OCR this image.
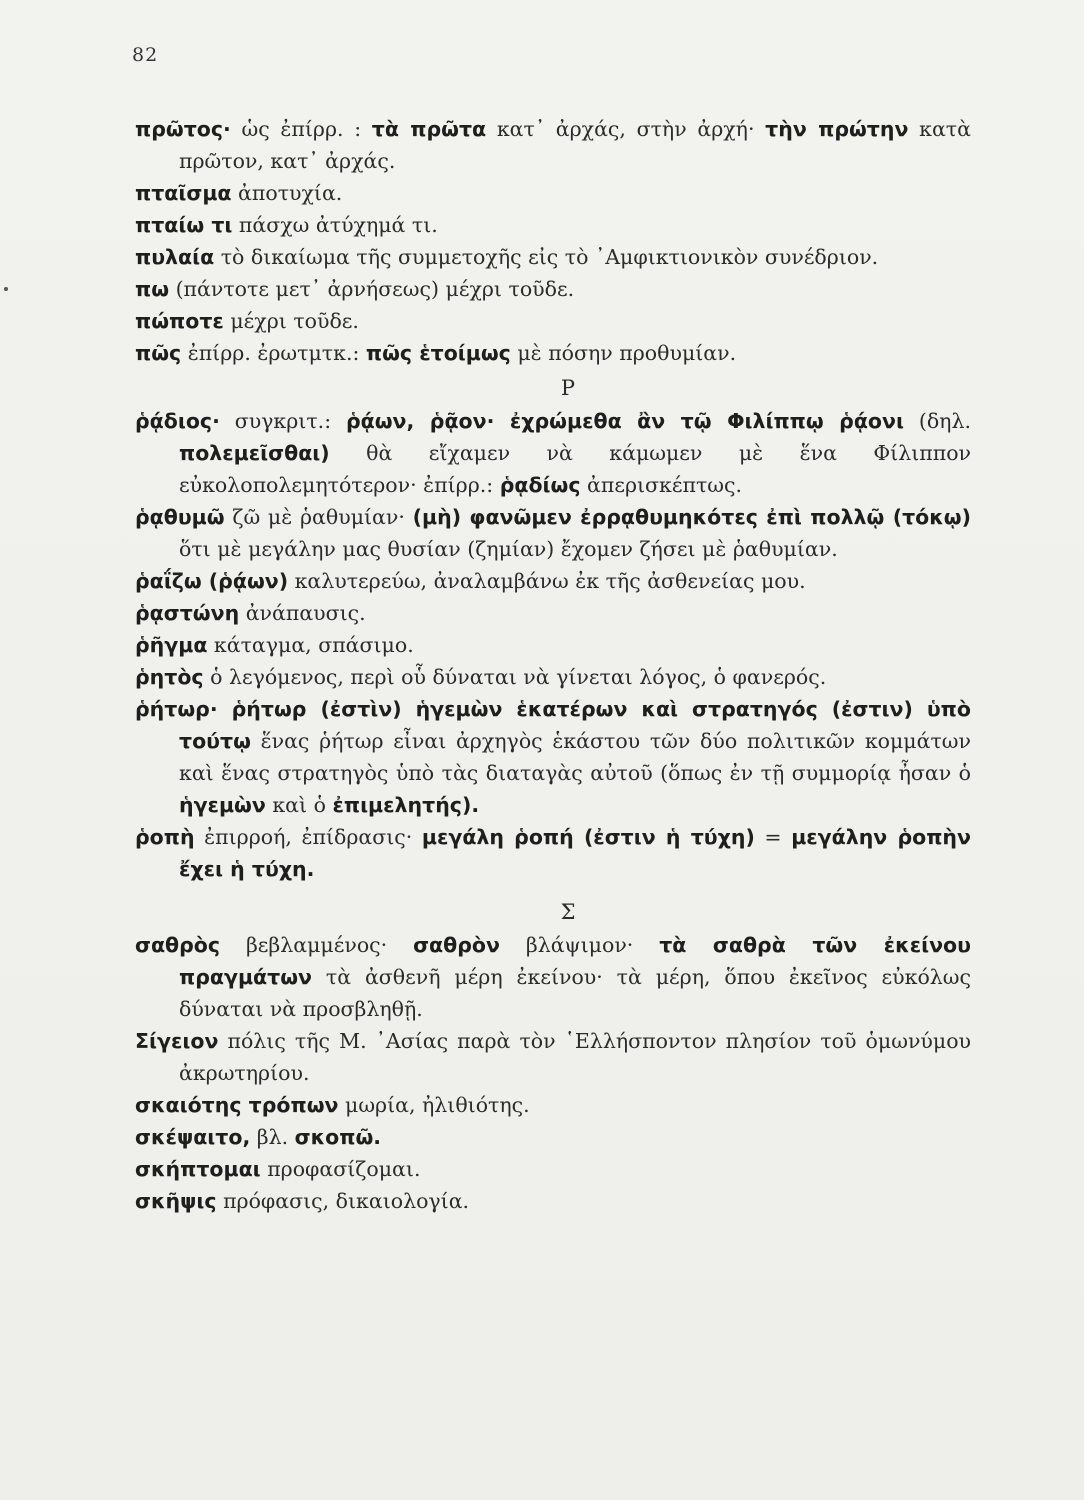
82

πρῶτος· ὡς ἐπίρρ. : τὰ πρῶτα κατ᾽ ἀρχάς, στὴν ἀρχή· τὴν πρώτην κατὰ πρῶτον, κατ᾽ ἀρχάς.

πταῖσμα ἀποτυχία.

πταίω τι πάσχω ἀτύχημά τι.

πυλαία τὸ δικαίωμα τῆς συμμετοχῆς εἰς τὸ ᾿Αμφικτιονικὸν συνέδριον.

πω (πάντοτε μετ᾽ ἀρνήσεως) μέχρι τοῦδε.

πώποτε μέχρι τοῦδε.

πῶς ἐπίρρ. ἐρωτμτκ.: πῶς ἑτοίμως μὲ πόσην προθυμίαν.

Ρ

ῥᾴδιος· συγκριτ.: ῥᾴων, ῥᾷον· ἐχρώμεθα ἂν τῷ Φιλίππῳ ῥᾴονι (δηλ. πολεμεῖσθαι) θὰ εἴχαμεν νὰ κάμωμεν μὲ ἕνα Φίλιππον εὐκολοπολεμητότερον· ἐπίρρ.: ῥᾳδίως ἀπερισκέπτως.

ῥᾳθυμῶ ζῶ μὲ ῥαθυμίαν· (μὴ) φανῶμεν ἐρρᾳθυμηκότες ἐπὶ πολλῷ (τόκῳ) ὅτι μὲ μεγάλην μας θυσίαν (ζημίαν) ἔχομεν ζήσει μὲ ῥαθυμίαν.

ῥαΐζω (ῥᾴων) καλυτερεύω, ἀναλαμβάνω ἐκ τῆς ἀσθενείας μου.

ῥᾳστώνη ἀνάπαυσις.

ῥῆγμα κάταγμα, σπάσιμο.

ῥητὸς ὁ λεγόμενος, περὶ οὗ δύναται νὰ γίνεται λόγος, ὁ φανερός.

ῥήτωρ· ῥήτωρ (ἐστὶν) ἡγεμὼν ἑκατέρων καὶ στρατηγός (ἐστιν) ὑπὸ τούτῳ ἕνας ῥήτωρ εἶναι ἀρχηγὸς ἑκάστου τῶν δύο πολιτικῶν κομμάτων καὶ ἕνας στρατηγὸς ὑπὸ τὰς διαταγὰς αὐτοῦ (ὅπως ἐν τῇ συμμορίᾳ ἦσαν ὁ ἡγεμὼν καὶ ὁ ἐπιμελητής).

ῥοπὴ ἐπιρροή, ἐπίδρασις· μεγάλη ῥοπή (ἐστιν ἡ τύχη) = μεγάλην ῥοπὴν ἔχει ἡ τύχη.

Σ

σαθρὸς βεβλαμμένος· σαθρὸν βλάψιμον· τὰ σαθρὰ τῶν ἐκείνου πραγμάτων τὰ ἀσθενῆ μέρη ἐκείνου· τὰ μέρη, ὅπου ἐκεῖνος εὐκόλως δύναται νὰ προσβληθῇ.

Σίγειον πόλις τῆς Μ. ᾿Ασίας παρὰ τὸν ῾Ελλήσποντον πλησίον τοῦ ὁμωνύμου ἀκρωτηρίου.

σκαιότης τρόπων μωρία, ἠλιθιότης.

σκέψαιτο, βλ. σκοπῶ.

σκήπτομαι προφασίζομαι.

σκῆψις πρόφασις, δικαιολογία.
